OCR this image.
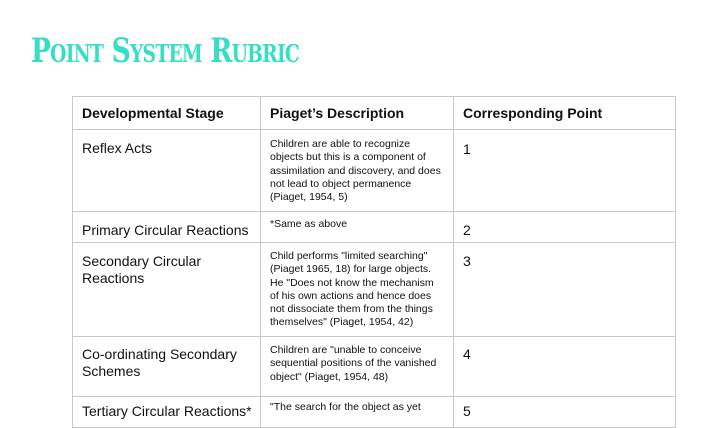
Point System Rubric
Developmental Stage	Piaget’s Description	Corresponding Point

Reflex Acts	Children are able to recognize objects but this is a component of assimilation and discovery, and does not lead to object permanence (Piaget, 1954, 5)	1

Primary Circular Reactions	*Same as above	2

Secondary Circular Reactions	Child performs "limited searching" (Piaget 1965, 18) for large objects. He "Does not know the mechanism of his own actions and hence does not dissociate them from the things themselves" (Piaget, 1954, 42)	3

Co-ordinating Secondary Schemes	Children are "unable to conceive sequential positions of the vanished object" (Piaget, 1954, 48)	4

Tertiary Circular Reactions*	"The search for the object as yet	5
